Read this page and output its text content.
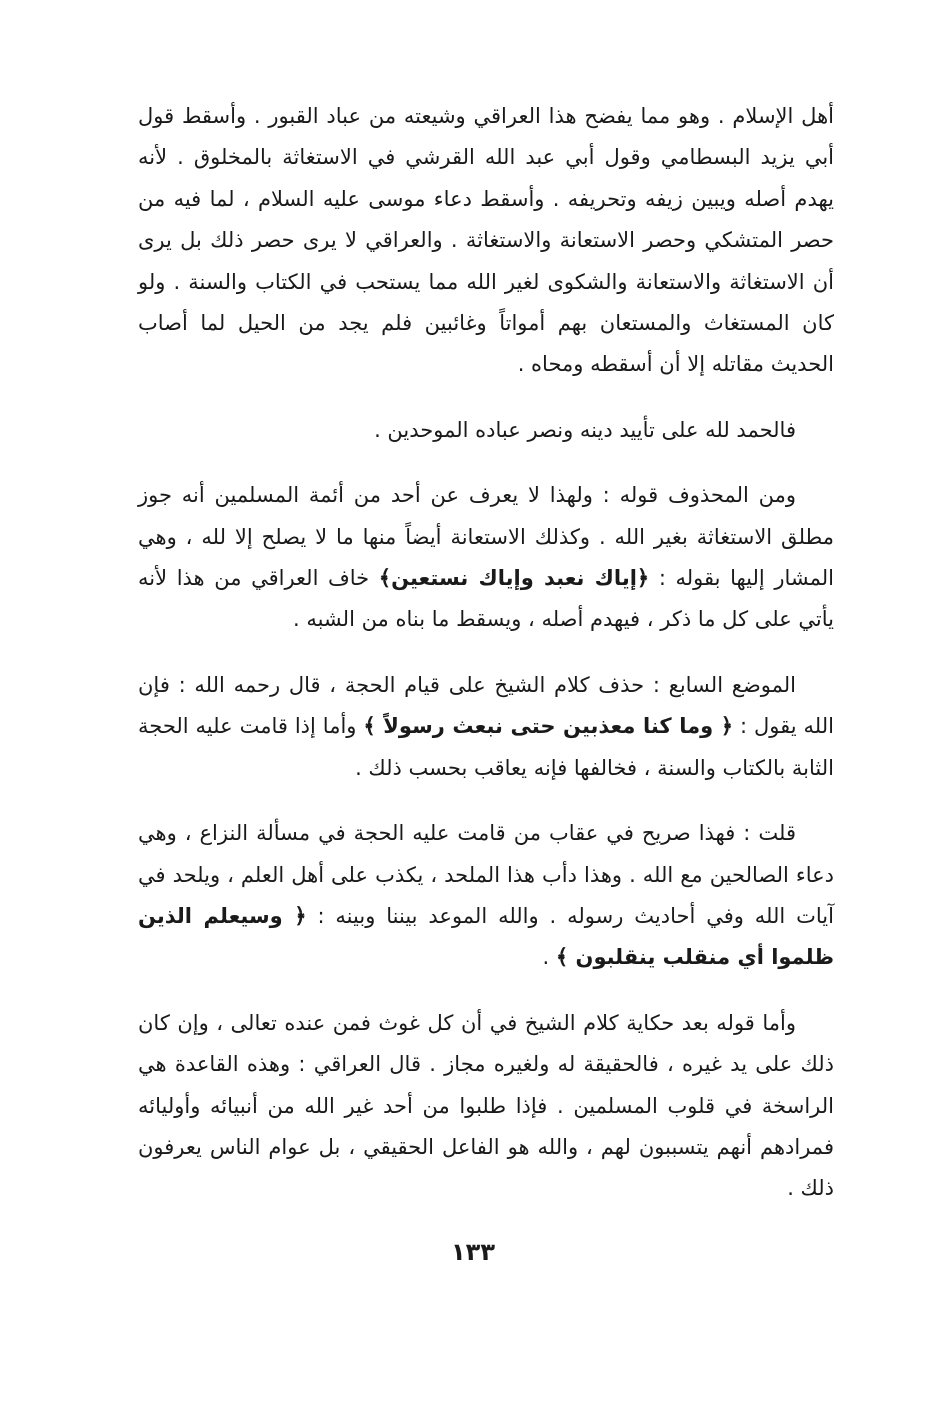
أهل الإسلام . وهو مما يفضح هذا العراقي وشيعته من عباد القبور . وأسقط قول أبي يزيد البسطامي وقول أبي عبد الله القرشي في الاستغاثة بالمخلوق . لأنه يهدم أصله ويبين زيفه وتحريفه . وأسقط دعاء موسى عليه السلام ، لما فيه من حصر المتشكي وحصر الاستعانة والاستغاثة . والعراقي لا يرى حصر ذلك بل يرى أن الاستغاثة والاستعانة والشكوى لغير الله مما يستحب في الكتاب والسنة . ولو كان المستغاث والمستعان بهم أمواتاً وغائبين فلم يجد من الحيل لما أصاب الحديث مقاتله إلا أن أسقطه ومحاه .

فالحمد لله على تأييد دينه ونصر عباده الموحدين .

ومن المحذوف قوله : ولهذا لا يعرف عن أحد من أئمة المسلمين أنه جوز مطلق الاستغاثة بغير الله . وكذلك الاستعانة أيضاً منها ما لا يصلح إلا لله ، وهي المشار إليها بقوله : ﴿إياك نعبد وإياك نستعين﴾ خاف العراقي من هذا لأنه يأتي على كل ما ذكر ، فيهدم أصله ، ويسقط ما بناه من الشبه .

الموضع السابع : حذف كلام الشيخ على قيام الحجة ، قال رحمه الله : فإن الله يقول : ﴿ وما كنا معذبين حتى نبعث رسولاً ﴾ وأما إذا قامت عليه الحجة الثابة بالكتاب والسنة ، فخالفها فإنه يعاقب بحسب ذلك .

قلت : فهذا صريح في عقاب من قامت عليه الحجة في مسألة النزاع ، وهي دعاء الصالحين مع الله . وهذا دأب هذا الملحد ، يكذب على أهل العلم ، ويلحد في آيات الله وفي أحاديث رسوله . والله الموعد بيننا وبينه : ﴿ وسيعلم الذين ظلموا أي منقلب ينقلبون ﴾ .

وأما قوله بعد حكاية كلام الشيخ في أن كل غوث فمن عنده تعالى ، وإن كان ذلك على يد غيره ، فالحقيقة له ولغيره مجاز . قال العراقي : وهذه القاعدة هي الراسخة في قلوب المسلمين . فإذا طلبوا من أحد غير الله من أنبيائه وأوليائه فمرادهم أنهم يتسببون لهم ، والله هو الفاعل الحقيقي ، بل عوام الناس يعرفون ذلك .

١٣٣
